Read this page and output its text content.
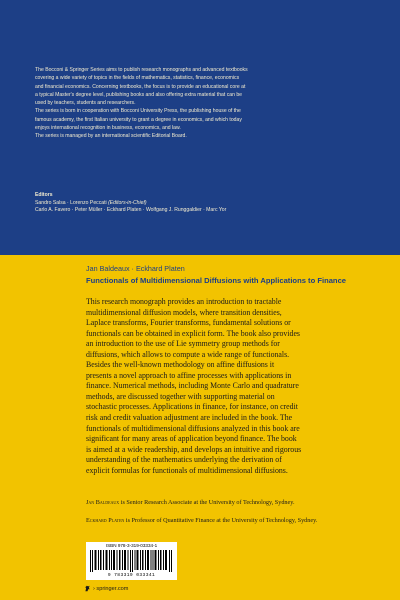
The Bocconi & Springer Series aims to publish research monographs and advanced textbooks

covering a wide variety of topics in the fields of mathematics, statistics, finance, economics

and financial economics. Concerning textbooks, the focus is to provide an educational core at

a typical Master's degree level, publishing books and also offering extra material that can be

used by teachers, students and researchers.

The series is born in cooperation with Bocconi University Press, the publishing house of the

famous academy, the first Italian university to grant a degree in economics, and which today

enjoys international recognition in business, economics, and law.

The series is managed by an international scientific Editorial Board.

Editors
Sandro Salsa · Lorenzo Peccati (Editors-in-Chief)
Carlo A. Favero · Peter Müller · Eckhard Platen · Wolfgang J. Runggaldier · Marc Yor
Jan Baldeaux · Eckhard Platen
Functionals of Multidimensional Diffusions with Applications to Finance

This research monograph provides an introduction to tractable

multidimensional diffusion models, where transition densities,

Laplace transforms, Fourier transforms, fundamental solutions or

functionals can be obtained in explicit form. The book also provides

an introduction to the use of Lie symmetry group methods for

diffusions, which allows to compute a wide range of functionals.

Besides the well-known methodology on affine diffusions it

presents a novel approach to affine processes with applications in

finance. Numerical methods, including Monte Carlo and quadrature

methods, are discussed together with supporting material on

stochastic processes. Applications in finance, for instance, on credit

risk and credit valuation adjustment are included in the book. The

functionals of multidimensional diffusions analyzed in this book are

significant for many areas of application beyond finance. The book

is aimed at a wide readership, and develops an intuitive and rigorous

understanding of the mathematics underlying the derivation of

explicit formulas for functionals of multidimensional diffusions.

Jan Baldeaux is Senior Research Associate at the University of Technology, Sydney.
Eckhard Platen is Professor of Quantitative Finance at the University of Technology, Sydney.
ISBN 978-3-319-03334-1
9 783319 033341
› springer.com
